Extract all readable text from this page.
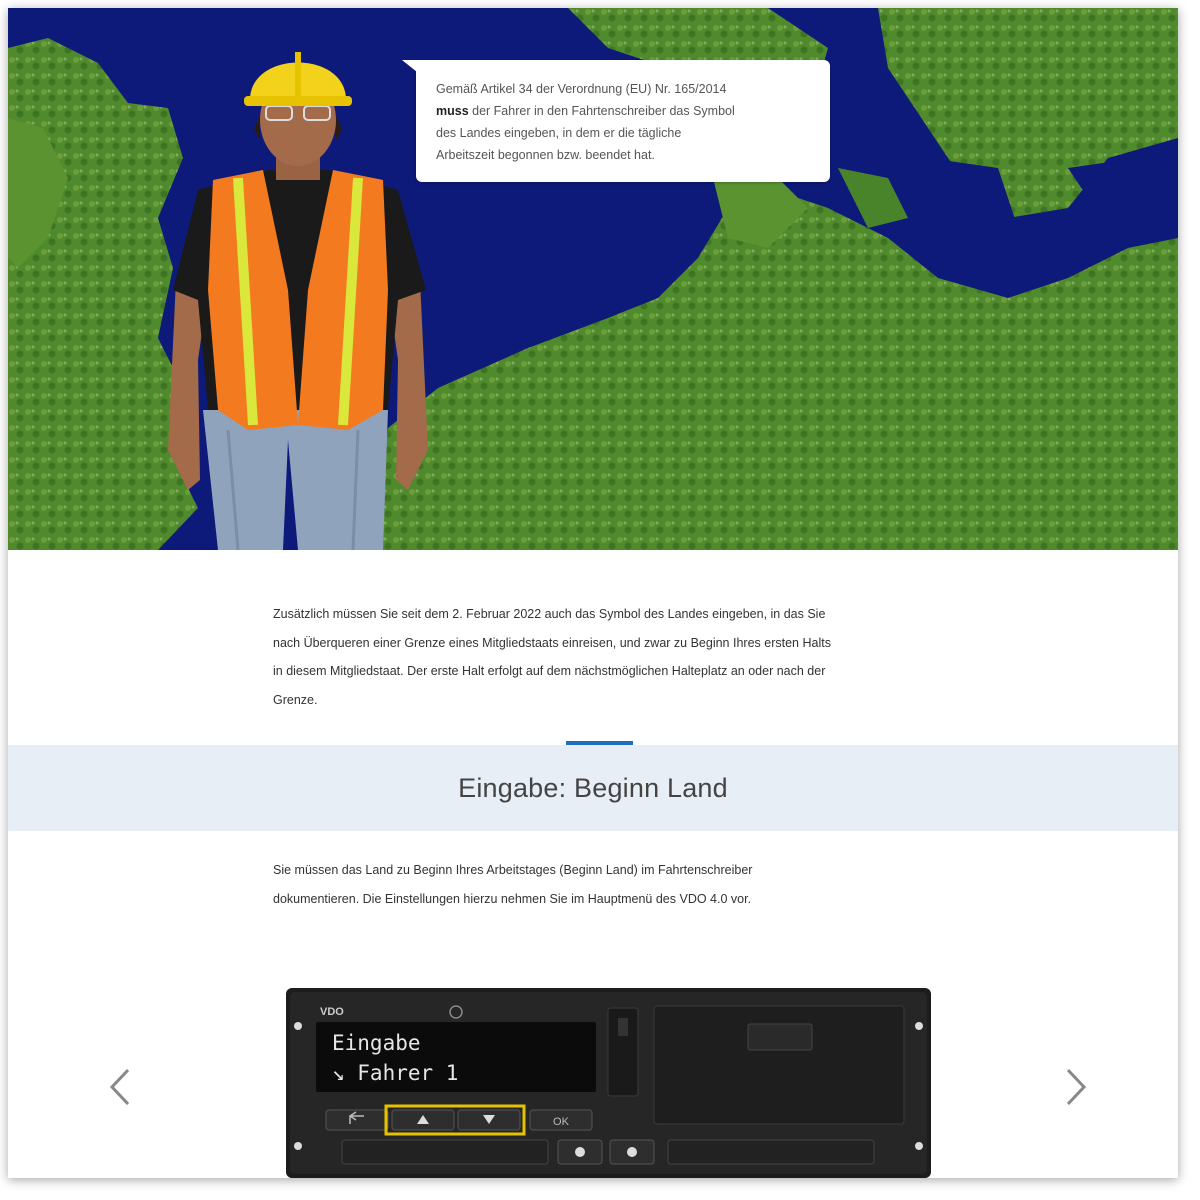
Gemäß Artikel 34 der Verordnung (EU) Nr. 165/2014
muss der Fahrer in den Fahrtenschreiber das Symbol
des Landes eingeben, in dem er die tägliche
Arbeitszeit begonnen bzw. beendet hat.
Zusätzlich müssen Sie seit dem 2. Februar 2022 auch das Symbol des Landes eingeben, in das Sie
nach Überqueren einer Grenze eines Mitgliedstaats einreisen, und zwar zu Beginn Ihres ersten Halts
in diesem Mitgliedstaat. Der erste Halt erfolgt auf dem nächstmöglichen Halteplatz an oder nach der
Grenze.
Eingabe: Beginn Land
Sie müssen das Land zu Beginn Ihres Arbeitstages (Beginn Land) im Fahrtenschreiber
dokumentieren. Die Einstellungen hierzu nehmen Sie im Hauptmenü des VDO 4.0 vor.
VDO
Eingabe
↘ Fahrer 1
OK
